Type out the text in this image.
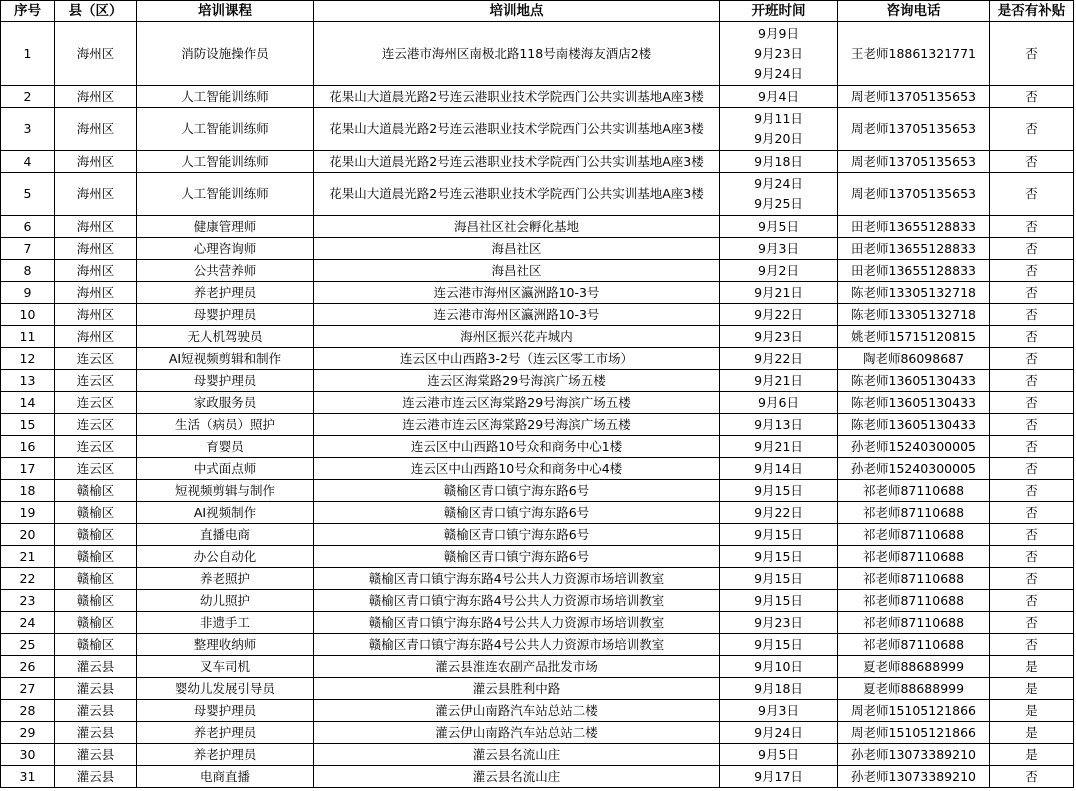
序号	县（区）	培训课程	培训地点	开班时间	咨询电话	是否有补贴
1	海州区	消防设施操作员	连云港市海州区南极北路118号南楼海友酒店2楼	9月9日
9月23日
9月24日	王老师18861321771	否
2	海州区	人工智能训练师	花果山大道晨光路2号连云港职业技术学院西门公共实训基地A座3楼	9月4日	周老师13705135653	否
3	海州区	人工智能训练师	花果山大道晨光路2号连云港职业技术学院西门公共实训基地A座3楼	9月11日
9月20日	周老师13705135653	否
4	海州区	人工智能训练师	花果山大道晨光路2号连云港职业技术学院西门公共实训基地A座3楼	9月18日	周老师13705135653	否
5	海州区	人工智能训练师	花果山大道晨光路2号连云港职业技术学院西门公共实训基地A座3楼	9月24日
9月25日	周老师13705135653	否
6	海州区	健康管理师	海昌社区社会孵化基地	9月5日	田老师13655128833	否
7	海州区	心理咨询师	海昌社区	9月3日	田老师13655128833	否
8	海州区	公共营养师	海昌社区	9月2日	田老师13655128833	否
9	海州区	养老护理员	连云港市海州区瀛洲路10-3号	9月21日	陈老师13305132718	否
10	海州区	母婴护理员	连云港市海州区瀛洲路10-3号	9月22日	陈老师13305132718	否
11	海州区	无人机驾驶员	海州区振兴花卉城内	9月23日	姚老师15715120815	否
12	连云区	AI短视频剪辑和制作	连云区中山西路3-2号（连云区零工市场）	9月22日	陶老师86098687	否
13	连云区	母婴护理员	连云区海棠路29号海滨广场五楼	9月21日	陈老师13605130433	否
14	连云区	家政服务员	连云港市连云区海棠路29号海滨广场五楼	9月6日	陈老师13605130433	否
15	连云区	生活（病员）照护	连云港市连云区海棠路29号海滨广场五楼	9月13日	陈老师13605130433	否
16	连云区	育婴员	连云区中山西路10号众和商务中心1楼	9月21日	孙老师15240300005	否
17	连云区	中式面点师	连云区中山西路10号众和商务中心4楼	9月14日	孙老师15240300005	否
18	赣榆区	短视频剪辑与制作	赣榆区青口镇宁海东路6号	9月15日	祁老师87110688	否
19	赣榆区	AI视频制作	赣榆区青口镇宁海东路6号	9月22日	祁老师87110688	否
20	赣榆区	直播电商	赣榆区青口镇宁海东路6号	9月15日	祁老师87110688	否
21	赣榆区	办公自动化	赣榆区青口镇宁海东路6号	9月15日	祁老师87110688	否
22	赣榆区	养老照护	赣榆区青口镇宁海东路4号公共人力资源市场培训教室	9月15日	祁老师87110688	否
23	赣榆区	幼儿照护	赣榆区青口镇宁海东路4号公共人力资源市场培训教室	9月15日	祁老师87110688	否
24	赣榆区	非遗手工	赣榆区青口镇宁海东路4号公共人力资源市场培训教室	9月23日	祁老师87110688	否
25	赣榆区	整理收纳师	赣榆区青口镇宁海东路4号公共人力资源市场培训教室	9月15日	祁老师87110688	否
26	灌云县	叉车司机	灌云县淮连农副产品批发市场	9月10日	夏老师88688999	是
27	灌云县	婴幼儿发展引导员	灌云县胜利中路	9月18日	夏老师88688999	是
28	灌云县	母婴护理员	灌云伊山南路汽车站总站二楼	9月3日	周老师15105121866	是
29	灌云县	养老护理员	灌云伊山南路汽车站总站二楼	9月24日	周老师15105121866	是
30	灌云县	养老护理员	灌云县名流山庄	9月5日	孙老师13073389210	是
31	灌云县	电商直播	灌云县名流山庄	9月17日	孙老师13073389210	否
